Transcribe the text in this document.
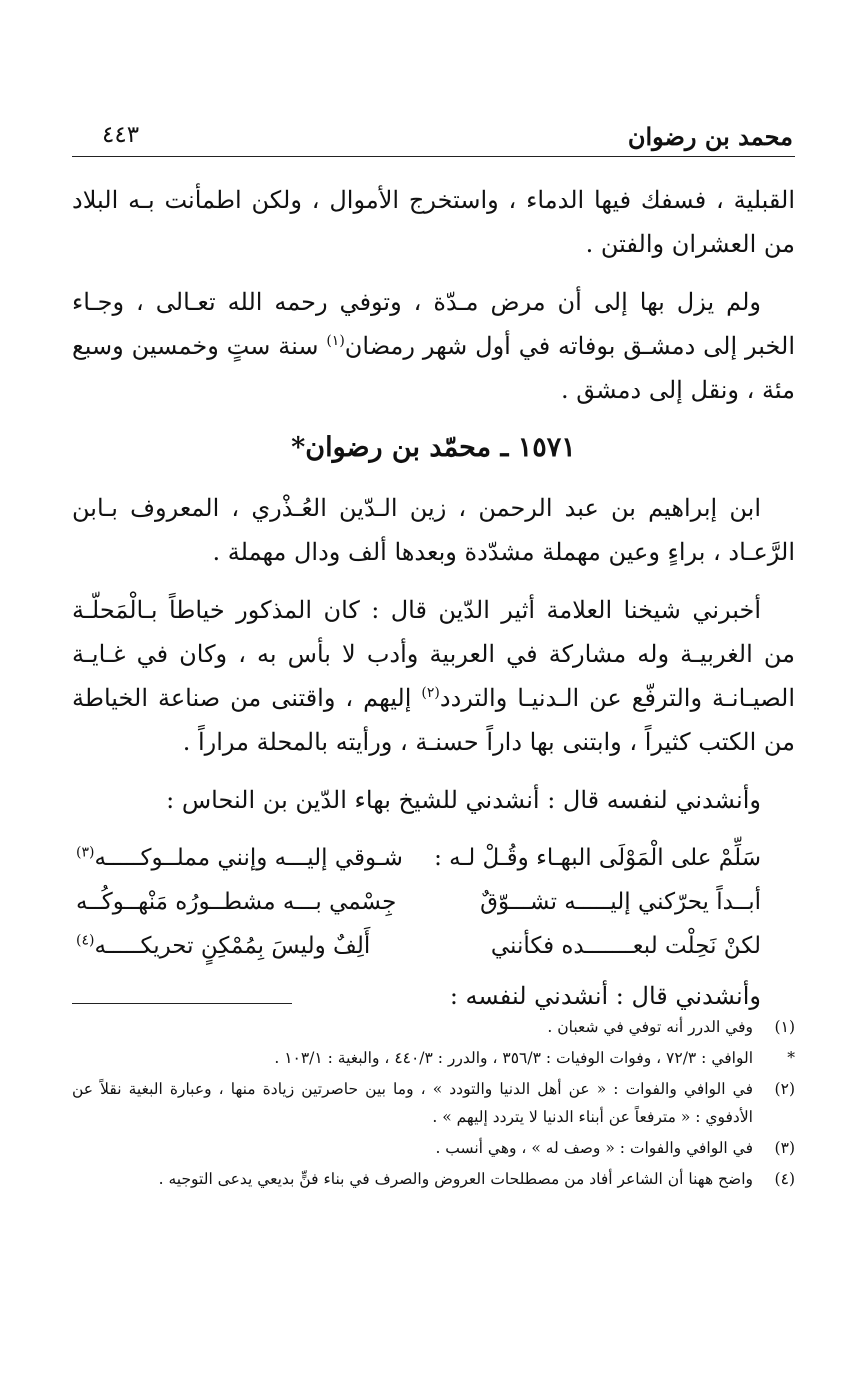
محمد بن رضوان
٤٤٣

القبلية ، فسفك فيها الدماء ، واستخرج الأموال ، ولكن اطمأنت بـه البلاد من العشران والفتن .

ولم يزل بها إلى أن مرض مـدّة ، وتوفي رحمه الله تعـالى ، وجـاء الخبر إلى دمشـق بوفاته في أول شهر رمضان$^{(١)}$ سنة ستٍ وخمسين وسبع مئة ، ونقل إلى دمشق .

١٥٧١ ـ محمّد بن رضوان*

ابن إبراهيم بن عبد الرحمن ، زين الـدّين العُـذْري ، المعروف بـابن الرَّعـاد ، براءٍ وعين مهملة مشدّدة وبعدها ألف ودال مهملة .

أخبرني شيخنا العلامة أثير الدّين قال : كان المذكور خياطاً بـالْمَحلّـة من الغربيـة وله مشاركة في العربية وأدب لا بأس به ، وكان في غـايـة الصيـانـة والترفّع عن الـدنيـا والتردد$^{(٢)}$ إليهم ، واقتنى من صناعة الخياطة من الكتب كثيراً ، وابتنى بها داراً حسنـة ، ورأيته بالمحلة مراراً .

وأنشدني لنفسه قال : أنشدني للشيخ بهاء الدّين بن النحاس :

سَلِّمْ على الْمَوْلَى البهـاء وقُـلْ لـه :
شـوقي إليـــه وإنني مملــوكـــــه$^{(٣)}$
أبــداً يحرّكني إليـــــه تشـــوّقٌ
جِسْمي بـــه مشطــورُه مَنْهــوكُــه
لكنْ نَحِلْت لبعـــــــده فكأنني
أَلِفٌ وليسَ بِمُمْكِنٍ تحريكـــــه$^{(٤)}$

وأنشدني قال : أنشدني لنفسه :

(١)
وفي الدرر أنه توفي في شعبان .
*
الوافي : ٧٢/٣ ، وفوات الوفيات : ٣٥٦/٣ ، والدرر : ٤٤٠/٣ ، والبغية : ١٠٣/١ .
(٢)
في الوافي والفوات : « عن أهل الدنيا والتودد » ، وما بين حاصرتين زيادة منها ، وعبارة البغية نقلاً عن الأدفوي : « مترفعاً عن أبناء الدنيا لا يتردد إليهم » .
(٣)
في الوافي والفوات : « وصف له » ، وهي أنسب .
(٤)
واضح ههنا أن الشاعر أفاد من مصطلحات العروض والصرف في بناء فنٍّ بديعي يدعى التوجيه .
